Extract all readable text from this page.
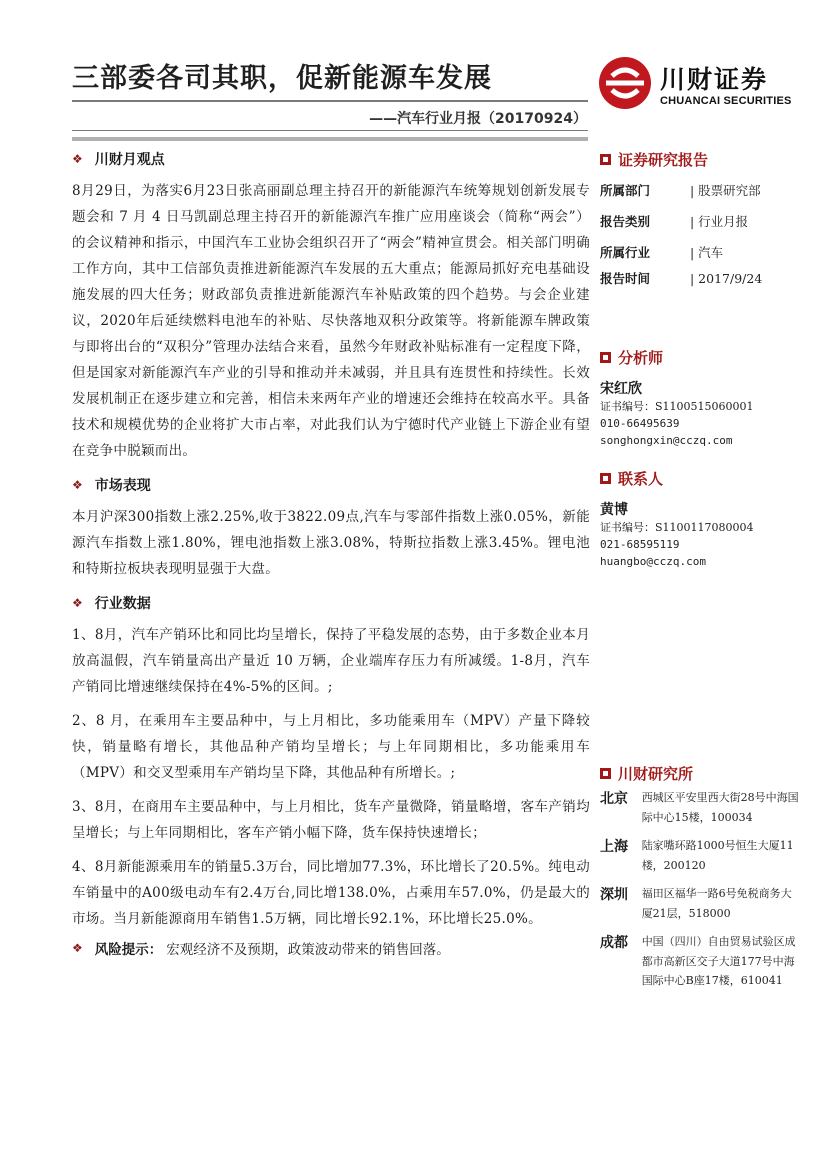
三部委各司其职，促新能源车发展
——汽车行业月报（20170924）
川财证券
CHUANCAI SECURITIES
❖ 川财月观点

8月29日，为落实6月23日张高丽副总理主持召开的新能源汽车统筹规划创新发展专题会和 7 月 4 日马凯副总理主持召开的新能源汽车推广应用座谈会（简称“两会”）的会议精神和指示，中国汽车工业协会组织召开了“两会”精神宣贯会。相关部门明确工作方向，其中工信部负责推进新能源汽车发展的五大重点；能源局抓好充电基础设施发展的四大任务；财政部负责推进新能源汽车补贴政策的四个趋势。与会企业建议，2020年后延续燃料电池车的补贴、尽快落地双积分政策等。将新能源车牌政策与即将出台的“双积分”管理办法结合来看，虽然今年财政补贴标准有一定程度下降，但是国家对新能源汽车产业的引导和推动并未减弱，并且具有连贯性和持续性。长效发展机制正在逐步建立和完善，相信未来两年产业的增速还会维持在较高水平。具备技术和规模优势的企业将扩大市占率，对此我们认为宁德时代产业链上下游企业有望在竞争中脱颖而出。

❖ 市场表现

本月沪深300指数上涨2.25%,收于3822.09点,汽车与零部件指数上涨0.05%，新能源汽车指数上涨1.80%，锂电池指数上涨3.08%，特斯拉指数上涨3.45%。锂电池和特斯拉板块表现明显强于大盘。

❖ 行业数据

1、8月，汽车产销环比和同比均呈增长，保持了平稳发展的态势，由于多数企业本月放高温假，汽车销量高出产量近 10 万辆，企业端库存压力有所减缓。1-8月，汽车产销同比增速继续保持在4%-5%的区间。;

2、8 月，在乘用车主要品种中，与上月相比，多功能乘用车（MPV）产量下降较快，销量略有增长，其他品种产销均呈增长；与上年同期相比，多功能乘用车（MPV）和交叉型乘用车产销均呈下降，其他品种有所增长。;

3、8月，在商用车主要品种中，与上月相比，货车产量微降，销量略增，客车产销均呈增长；与上年同期相比，客车产销小幅下降，货车保持快速增长；

4、8月新能源乘用车的销量5.3万台，同比增加77.3%，环比增长了20.5%。纯电动车销量中的A00级电动车有2.4万台,同比增138.0%，占乘用车57.0%，仍是最大的市场。当月新能源商用车销售1.5万辆，同比增长92.1%，环比增长25.0%。

❖ 风险提示： 宏观经济不及预期，政策波动带来的销售回落。
证券研究报告
所属部门	| 股票研究部
报告类别	| 行业月报
所属行业	| 汽车
报告时间	| 2017/9/24
分析师
宋红欣
证书编号：S1100515060001
010-66495639
songhongxin@cczq.com
联系人
黄博
证书编号：S1100117080004
021-68595119
huangbo@cczq.com
川财研究所
北京 西城区平安里西大街28号中海国际中心15楼，100034
上海 陆家嘴环路1000号恒生大厦11楼，200120
深圳 福田区福华一路6号免税商务大厦21层，518000
成都 中国（四川）自由贸易试验区成都市高新区交子大道177号中海国际中心B座17楼，610041
